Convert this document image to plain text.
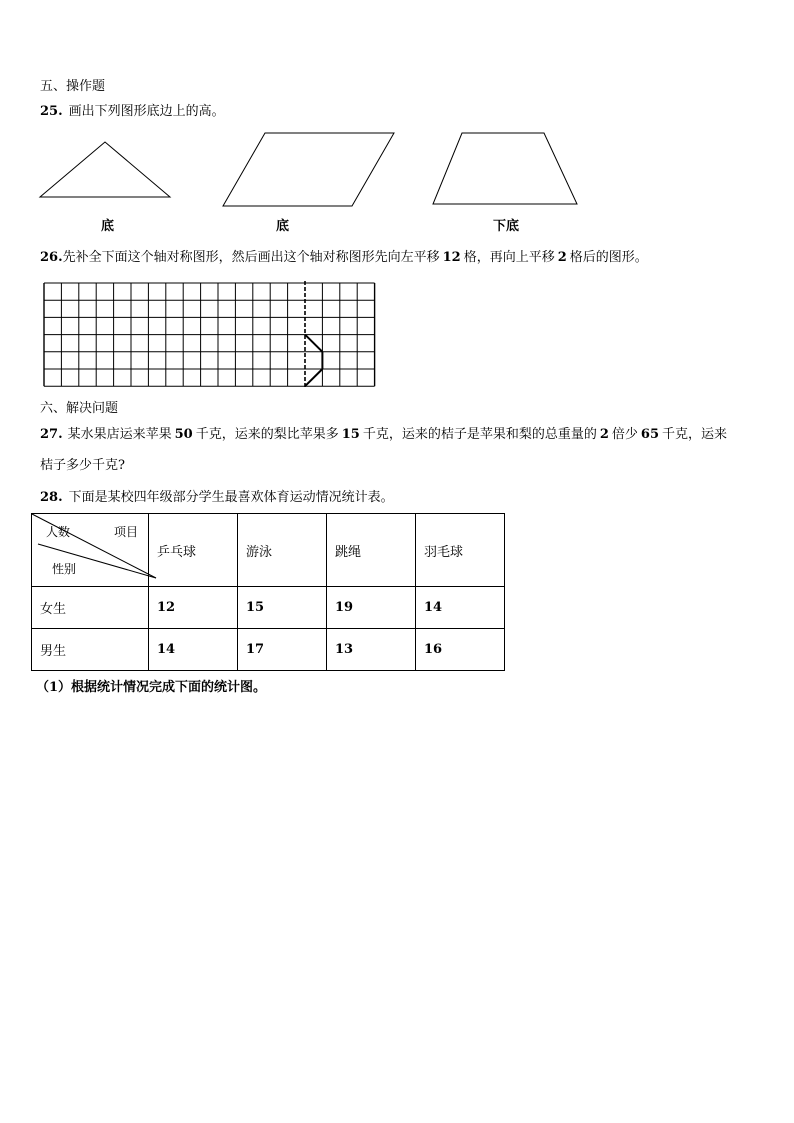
五、操作题
25. 画出下列图形底边上的高。
底	底	下底
26.先补全下面这个轴对称图形，然后画出这个轴对称图形先向左平移 12 格，再向上平移 2 格后的图形。
六、解决问题
27. 某水果店运来苹果 50 千克，运来的梨比苹果多 15 千克，运来的桔子是苹果和梨的总重量的 2 倍少 65 千克，运来
桔子多少千克?
28. 下面是某校四年级部分学生最喜欢体育运动情况统计表。
人数 项目
性别	乒乓球	游泳	跳绳	羽毛球
女生	12	15	19	14
男生	14	17	13	16
（1）根据统计情况完成下面的统计图。
